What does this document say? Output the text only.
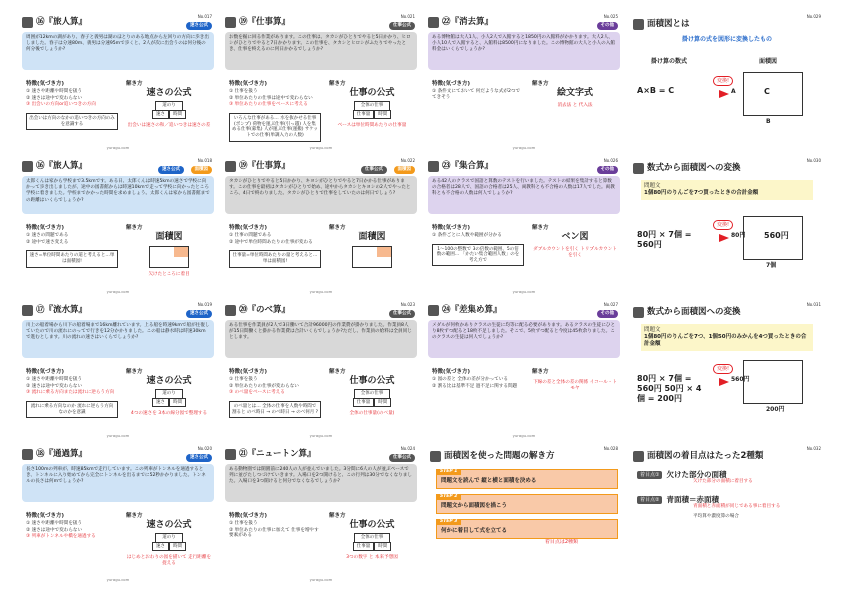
No.017
⑯『旅人算』	速さ公式
周囲が12kmの湖があり、春子と義男は湖のほとりのある地点から左回りの方向に歩き出しました。春子は分速80m、義男は分速95mで歩くと、2人が次に出会うのは何分後の何分後でしょうか?
特徴(気づき方)
① 速さや距離や時間を扱う
② 速さは途中で変わらない
③ 出会いの方向or追いつきの方向
出会いは方向のなかの追いつきの方向のみを意識する
解き方
速さの公式
道のり
速さ	時間
出会いは速さの和／追いつきは速さの差
yuragu.com
No.021
⑲『仕事算』	仕事公式
お数を掘に回る作業があります。この仕事は、タカシがひとりでやると5日かかり、ヒロシがひとりでやると7日かかります。この仕事を、タカシとヒロシがふたりでやったとき、仕事を終えるのに何日かかるでしょうか?
特徴(気づき方)
① 仕事を扱う
② 単位あたりの仕事は途中で変わらない
③ 単位あたりの仕事をベースに考える
いろんな仕事がある… 水を抜かせる仕事(ポンプ) 荷物を運ぶ仕事(引っ越) 人を集める仕事(募集) 人が運ぶ仕事(運搬) サケットでの仕事(単調入力の人数)
解き方
仕事の公式
全体の仕事
仕事量	時間
ベースは単位時間あたりの仕事量
yuragu.com
No.025
㉒『消去算』	その他
ある博物館は大人1人、小人2人で入館すると1850円の入館料がかかります。大人2人、小人10人で入館すると、入館料は8500円になりました。この博物館の大人と小人の入館料金はいくらでしょうか?
特徴(気づき方)
① 条件文にておいて 何だような式が2つでてきそう
解き方
絵文字式
消去法 と 代入法
yuragu.com
No.029
面積図とは
掛け算の式を図形に変換したもの
A×B = C
変換!
C
B
A
掛け算の数式	面積図
No.018
⑯『旅人算』	面積図
速さ公式
太郎くんは家から学校まで3.5kmです。ある日、太郎くんは時速5kmの速さで学校に向かって歩き出しましたが、途中の図書館からは時速10kmで走って学校に向かったところ学校に着きました。学校までかかった時間を求めましょう。太郎くんは家から図書館までの距離はいくらでしょうか?
特徴(気づき方)
① 速さの問題である
② 途中で速さ変える
速さ=単位時間あたりの道と考えると…単は面積図!
解き方
面積図
欠けたところに着目
yuragu.com
No.022
⑲『仕事算』	面積図
仕事公式
タカシがひとりでやると5日かかり、キヨシがひとりでやると7日かかる仕事があります。この仕事を最初はタカシがひとりで始め、途中からタカシとキヨシの2人でやったところ、4日で終わりました。タカシがひとりで仕事をしていたのは何日でしょう?
特徴(気づき方)
① 仕事の問題である
② 途中で単位時間あたりの仕事が変わる
仕事量=単位時間あたりの量と考えると…単は面積図!
解き方
面積図
yuragu.com
No.026
㉓『集合算』	その他
ある42人のクラスで国語と算数のテストを行いました。テストの結果を集計すると算数の合格者は28人で、国語の合格者は25人、両教科とも不合格の人数は17人でした。両教科とも不合格の人数は何人でしょうか?
特徴(気づき方)
① 条件ごとに人数や範囲が分かる
1〜100の整数で 3の倍数の範囲、5の倍数の範囲… 「かたい集合範囲人数」のを考え方で
解き方
ベン図
ダブルカウントを引く トリプルカウントを引く
yuragu.com
No.030
数式から面積図への変換
問題文
1個80円のりんごを7つ買ったときの合計金額
80円 × 7個 = 560円
変換!
560円
7個
80円
No.019
⑰『流水算』	速さ公式
川上の船着場から川下の船着場まで16km離れています。上る船を時速9kmで船が往復していたので川の流れにのってで行きを12分かかりました。この船は静水時は時速30kmで進むとします。川の流れの速さはいくらでしょうか?
特徴(気づき方)
① 速さや距離や時間を扱う
② 速さは途中で変わらない
③ 流れに乗る方向または流れに逆らう方向
流れに乗る方向なのか 流れに逆らう方向なのかを意識
解き方
速さの公式
道のり
速さ	時間
4つの速さを 3本の線分図で整理する
yuragu.com
No.023
⑳『のべ算』	仕事公式
ある仕事を作業員が2人で3日働いて合計96000円の作業費が掛かりました。作業員8人が15日間働くと掛かる作業費は合計いくらでしょうか?ただし、作業員の給料は全員同じとします。
特徴(気づき方)
① 仕事を扱う
② 単位あたりの仕事が変わらない
③ のべ量をベースに考える
のべ量とは… 全体の仕事を人数や時間で割ると のべ時日 → のべ時日 → のべ何月 ?
解き方
仕事の公式
全体の仕事
仕事量	時間
全体の仕事量(のべ量)
yuragu.com
No.027
㉔『差集め算』	その他
メダルが何枚かありクラスの生徒に均等に配る必要があります。あるクラスの生徒にひとり8枚ずつ配ると18枚不足しました。そこで、5枚ずつ配ると今度は45枚余りました。このクラスの生徒は何人でしょうか?
特徴(気づき方)
① 図の差と 全体の差が分かっている
② 割る比は基準不足 過不足に関する問題
解き方
下線の差と全体の差の関係 イコール・トモヤ
yuragu.com
No.031
数式から面積図への変換
問題文
1個80円のりんごを7つ、1個50円のみかんを4つ買ったときの合計金額
80円 × 7個 = 560円 50円 × 4個 = 200円
変換!
200円
560円
No.020
⑱『通過算』	速さ公式
長さ100mの列車が、時速85kmで走行しています。この列車がトンネルを通過するとき、トンネルに入り始めてから完全にトンネルを出るまでに52秒かかりました。トンネルの長さは何mでしょうか?
特徴(気づき方)
① 速さや距離や時間を扱う
② 速さは途中で変わらない
③ 列車がトンネルや橋を通過する
解き方
速さの公式
道のり
速さ	時間
はじめとおわりの図を描いて 走行距離を捉える
yuragu.com
No.024
㉑『ニュートン算』	仕事公式
ある動物園では開園前に240人の人が並んでいました。3分間に6人の人が並ぶペースで列に並びたしつづけていきます。入場口を2つ開けると、この行列は30分でなくなりました。入場口を3つ開けると何分でなくなるでしょうか?
特徴(気づき方)
① 仕事を扱う
② 単位あたりの仕事に加えて 仕事を増やす要素がある
解き方
仕事の公式
全体の仕事
仕事量	時間
3つの数字 と 本来予想図
yuragu.com
No.028
面積図を使った問題の解き方
STEP 1
問題文を読んで 縦と横と面積を決める
STEP 2
問題文から面積図を描こう
STEP 3
何かに着目して式を立てる
着目点は2種類
No.032
面積図の着目点はたった2種類
着目点① 欠けた部分の面積
欠けた部分の面積に着目する
着目点② 青面積＝赤面積
青面積と赤面積が同じである事に着目する
平均算や濃度算の場合
